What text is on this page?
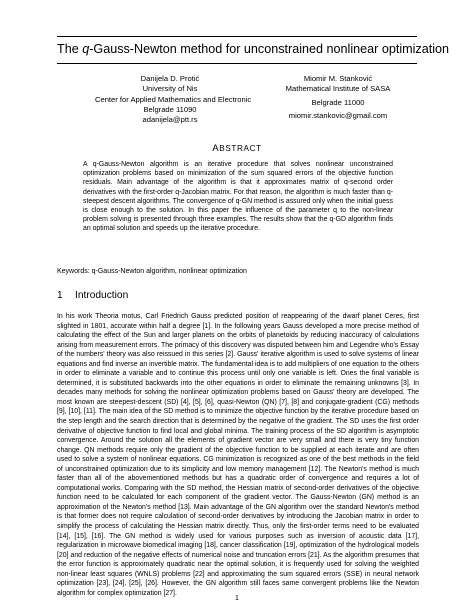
The q-Gauss-Newton method for unconstrained nonlinear optimization
Danijela D. Protić
University of Nis
Center for Applied Mathematics and Electronic
Belgrade 11090
adanijela@ptt.rs
Miomir M. Stanković
Mathematical Institute of SASA
Belgrade 11000
miomir.stankovic@gmail.com
ABSTRACT
A q-Gauss-Newton algorithm is an iterative procedure that solves nonlinear unconstrained optimization problems based on minimization of the sum squared errors of the objective function residuals. Main advantage of the algorithm is that it approximates matrix of q-second order derivatives with the first-order q-Jacobian matrix. For that reason, the algorithm is much faster than q-steepest descent algorithms. The convergence of q-GN method is assured only when the initial guess is close enough to the solution. In this paper the influence of the parameter q to the non-linear problem solving is presented through three examples. The results show that the q-GD algorithm finds an optimal solution and speeds up the iterative procedure.
Keywords: q-Gauss-Newton algorithm, nonlinear optimization
1 Introduction
In his work Theoria motus, Carl Friedrich Gauss predicted position of reappearing of the dwarf planet Ceres, first slighted in 1801, accurate within half a degree [1]. In the following years Gauss developed a more precise method of calculating the effect of the Sun and larger planets on the orbits of planetoids by reducing inaccuracy of calculations arising from measurement errors. The primacy of this discovery was disputed between him and Legendre who's Essay of the numbers' theory was also reissued in this series [2]. Gauss' iterative algorithm is used to solve systems of linear equations and find inverse an invertible matrix. The fundamental idea is to add multipliers of one equation to the others in order to eliminate a variable and to continue this process until only one variable is left. Ones the final variable is determined, it is substituted backwards into the other equations in order to eliminate the remaining unknowns [3]. In decades many methods for solving the nonlinear optimization problems based on Gauss' theory are developed. The most known are steepest-descent (SD) [4], [5], [6], quasi-Newton (QN) [7], [8] and conjugate-gradient (CG) methods [9], [10], [11]. The main idea of the SD method is to minimize the objective function by the iterative procedure based on the step length and the search direction that is determined by the negative of the gradient. The SD uses the first order derivative of objective function to find local and global minima. The training process of the SD algorithm is asymptotic convergence. Around the solution all the elements of gradient vector are very small and there is very tiny function change. QN methods require only the gradient of the objective function to be supplied at each iterate and are often used to solve a system of nonlinear equations. CG minimization is recognized as one of the best methods in the field of unconstrained optimization due to its simplicity and low memory management [12]. The Newton's method is much faster than all of the abovementioned methods but has a quadratic order of convergence and requires a lot of computational works. Comparing with the SD method, the Hessian matrix of second-order derivatives of the objective function need to be calculated for each component of the gradient vector. The Gauss-Newton (GN) method is an approximation of the Newton's method [13]. Main advantage of the GN algorithm over the standard Newton's method is that former does not require calculation of second-order derivatives by introducing the Jacobian matrix in order to simplify the process of calculating the Hessian matrix directly. Thus, only the first-order terms need to be evaluated [14], [15], [16]. The GN method is widely used for various purposes such as inversion of acoustic data [17], regularization in microwave biomedical imaging [18], cancer classification [19], optimization of the hydrological models [20] and reduction of the negative effects of numerical noise and truncation errors [21]. As the algorithm presumes that the error function is approximately quadratic near the optimal solution, it is frequently used for solving the weighted non-linear least squares (WNLS) problems [22] and approximating the sum squared errors (SSE) in neural network optimization [23], [24], [25], [26]. However, the GN algorithm still faces same convergent problems like the Newton algorithm for complex optimization [27].
1
